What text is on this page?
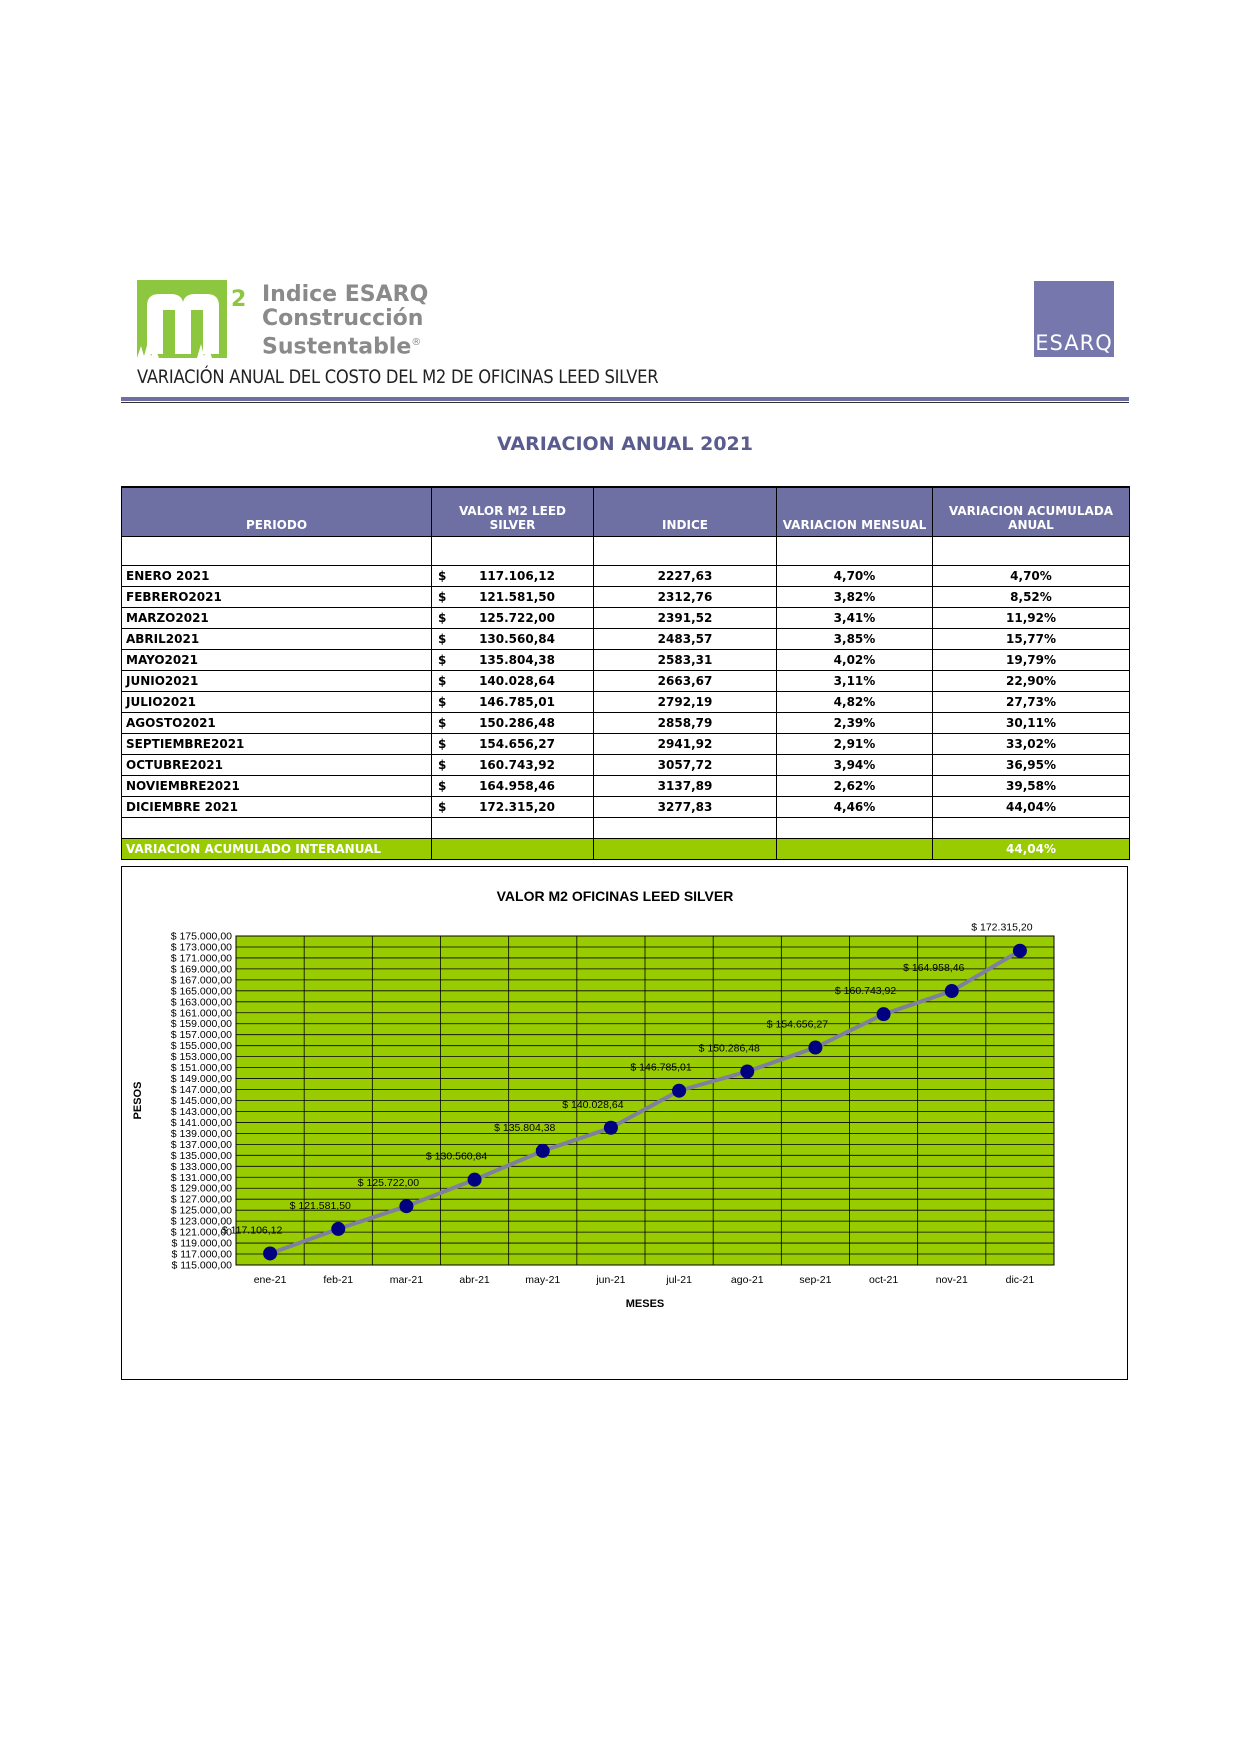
2 Indice ESARQ
Construcción
Sustentable®
VARIACIÓN ANUAL DEL COSTO DEL M2 DE OFICINAS LEED SILVER
ESARQ
VARIACION ANUAL 2021
PERIODO	VALOR M2 LEED SILVER	INDICE	VARIACION MENSUAL	VARIACION ACUMULADA ANUAL

ENERO 2021	$ 117.106,12	2227,63	4,70%	4,70%
FEBRERO2021	$ 121.581,50	2312,76	3,82%	8,52%
MARZO2021	$ 125.722,00	2391,52	3,41%	11,92%
ABRIL2021	$ 130.560,84	2483,57	3,85%	15,77%
MAYO2021	$ 135.804,38	2583,31	4,02%	19,79%
JUNIO2021	$ 140.028,64	2663,67	3,11%	22,90%
JULIO2021	$ 146.785,01	2792,19	4,82%	27,73%
AGOSTO2021	$ 150.286,48	2858,79	2,39%	30,11%
SEPTIEMBRE2021	$ 154.656,27	2941,92	2,91%	33,02%
OCTUBRE2021	$ 160.743,92	3057,72	3,94%	36,95%
NOVIEMBRE2021	$ 164.958,46	3137,89	2,62%	39,58%
DICIEMBRE 2021	$ 172.315,20	3277,83	4,46%	44,04%

VARIACION ACUMULADO INTERANUAL				44,04%
VALOR M2 OFICINAS LEED SILVER
$ 115.000,00
$ 117.000,00
$ 119.000,00
$ 121.000,00
$ 123.000,00
$ 125.000,00
$ 127.000,00
$ 129.000,00
$ 131.000,00
$ 133.000,00
$ 135.000,00
$ 137.000,00
$ 139.000,00
$ 141.000,00
$ 143.000,00
$ 145.000,00
$ 147.000,00
$ 149.000,00
$ 151.000,00
$ 153.000,00
$ 155.000,00
$ 157.000,00
$ 159.000,00
$ 161.000,00
$ 163.000,00
$ 165.000,00
$ 167.000,00
$ 169.000,00
$ 171.000,00
$ 173.000,00
$ 175.000,00
ene-21	feb-21	mar-21	abr-21	may-21	jun-21	jul-21	ago-21	sep-21	oct-21	nov-21	dic-21
MESES
PESOS
$ 117.106,12
$ 121.581,50
$ 125.722,00
$ 130.560,84
$ 135.804,38
$ 140.028,64
$ 146.785,01
$ 150.286,48
$ 154.656,27
$ 160.743,92
$ 164.958,46
$ 172.315,20
